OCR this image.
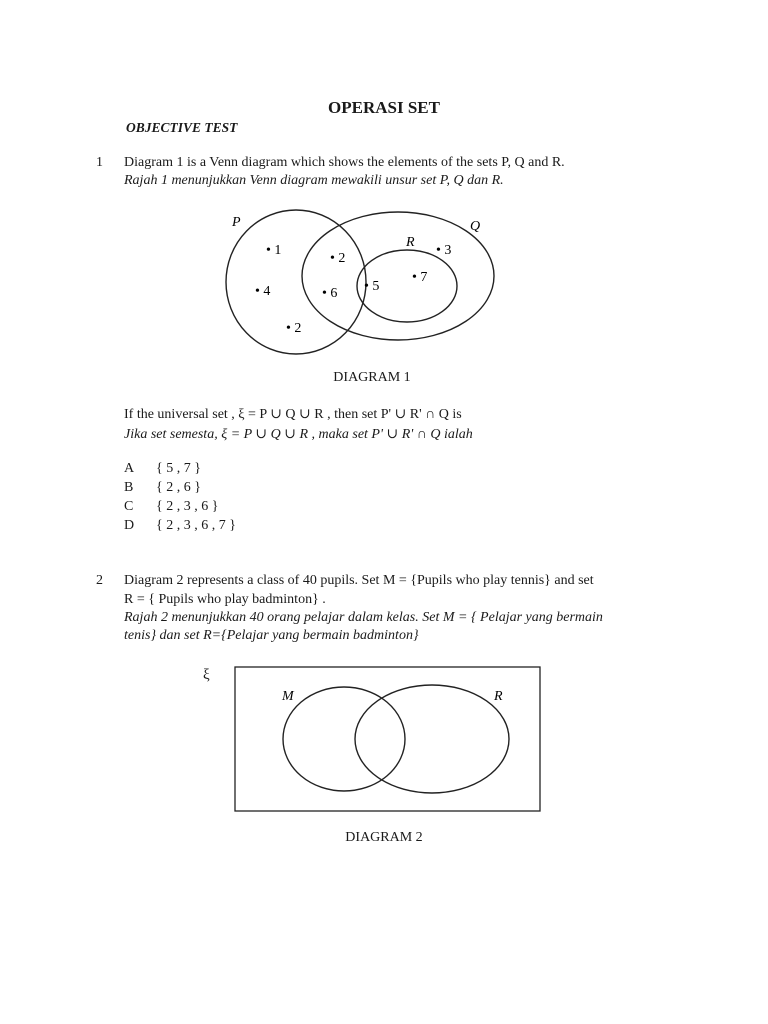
OPERASI SET
OBJECTIVE TEST
1 Diagram 1 is a Venn diagram which shows the elements of the sets P, Q and R.
Rajah 1 menunjukkan Venn diagram mewakili unsur set P, Q dan R.
P	Q
R
• 1
• 2
• 3
• 4	• 6 • 5
• 7
• 2
DIAGRAM 1
If the universal set , ξ = P ∪ Q ∪ R , then set P' ∪ R' ∩ Q is
Jika set semesta, ξ = P ∪ Q ∪ R , maka set P' ∪ R' ∩ Q ialah
A { 5 , 7 }
B { 2 , 6 }
C { 2 , 3 , 6 }
D { 2 , 3 , 6 , 7 }
2 Diagram 2 represents a class of 40 pupils. Set M = {Pupils who play tennis} and set
R = { Pupils who play badminton} .
Rajah 2 menunjukkan 40 orang pelajar dalam kelas. Set M = { Pelajar yang bermain
tenis} dan set R={Pelajar yang bermain badminton}
ξ
M	R
DIAGRAM 2
